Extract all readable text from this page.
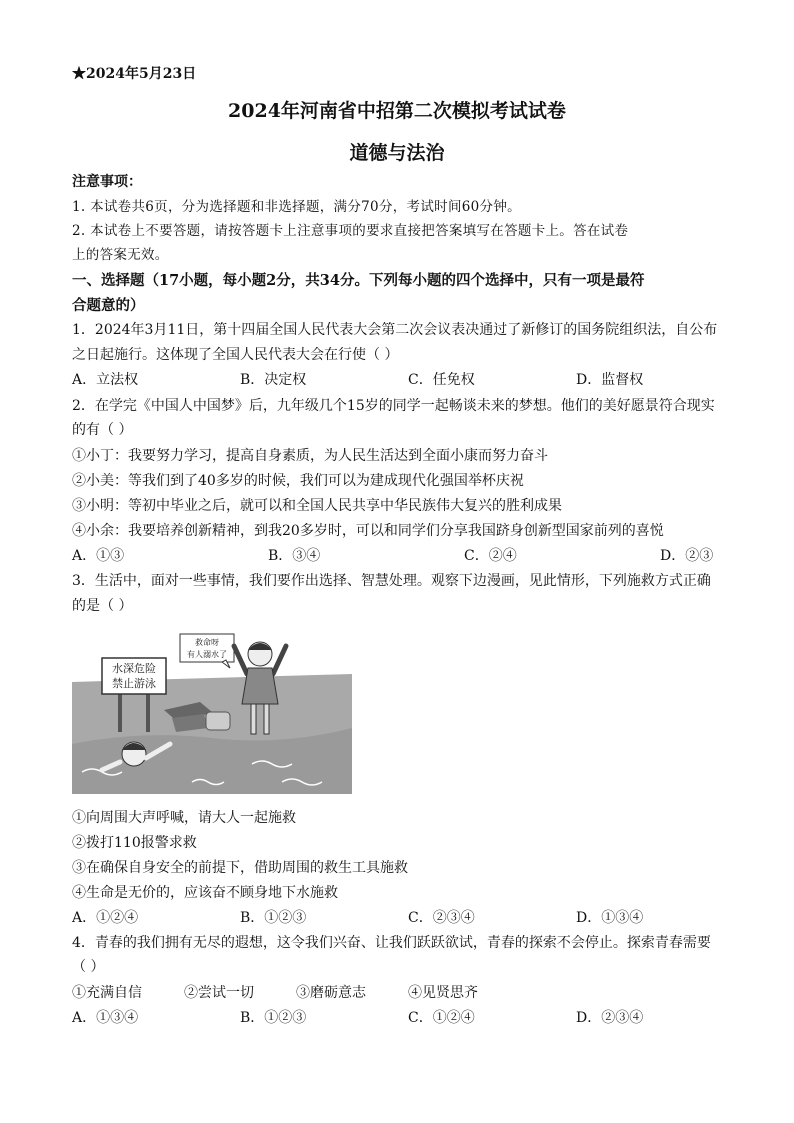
★2024年5月23日
2024年河南省中招第二次模拟考试试卷
道德与法治
注意事项：
1. 本试卷共6页，分为选择题和非选择题，满分70分，考试时间60分钟。
2. 本试卷上不要答题，请按答题卡上注意事项的要求直接把答案填写在答题卡上。答在试卷
上的答案无效。
一、选择题（17小题，每小题2分，共34分。下列每小题的四个选择中，只有一项是最符
合题意的）
1．2024年3月11日，第十四届全国人民代表大会第二次会议表决通过了新修订的国务院组织法，自公布
之日起施行。这体现了全国人民代表大会在行使（ ）
A．立法权	B．决定权	C．任免权	D．监督权
2．在学完《中国人中国梦》后，九年级几个15岁的同学一起畅谈未来的梦想。他们的美好愿景符合现实
的有（ ）
①小丁：我要努力学习，提高自身素质，为人民生活达到全面小康而努力奋斗
②小美：等我们到了40多岁的时候，我们可以为建成现代化强国举杯庆祝
③小明：等初中毕业之后，就可以和全国人民共享中华民族伟大复兴的胜利成果
④小余：我要培养创新精神，到我20多岁时，可以和同学们分享我国跻身创新型国家前列的喜悦
A．①③	B．③④	C．②④	D．②③
3．生活中，面对一些事情，我们要作出选择、智慧处理。观察下边漫画，见此情形，下列施救方式正确
的是（ ）
水深危险
禁止游泳
救命呀
有人溺水了
①向周围大声呼喊，请大人一起施救
②拨打110报警求救
③在确保自身安全的前提下，借助周围的救生工具施救
④生命是无价的，应该奋不顾身地下水施救
A．①②④	B．①②③	C．②③④	D．①③④
4．青春的我们拥有无尽的遐想，这令我们兴奋、让我们跃跃欲试，青春的探索不会停止。探索青春需要
（ ）
①充满自信	②尝试一切	③磨砺意志	④见贤思齐
A．①③④	B．①②③	C．①②④	D．②③④
